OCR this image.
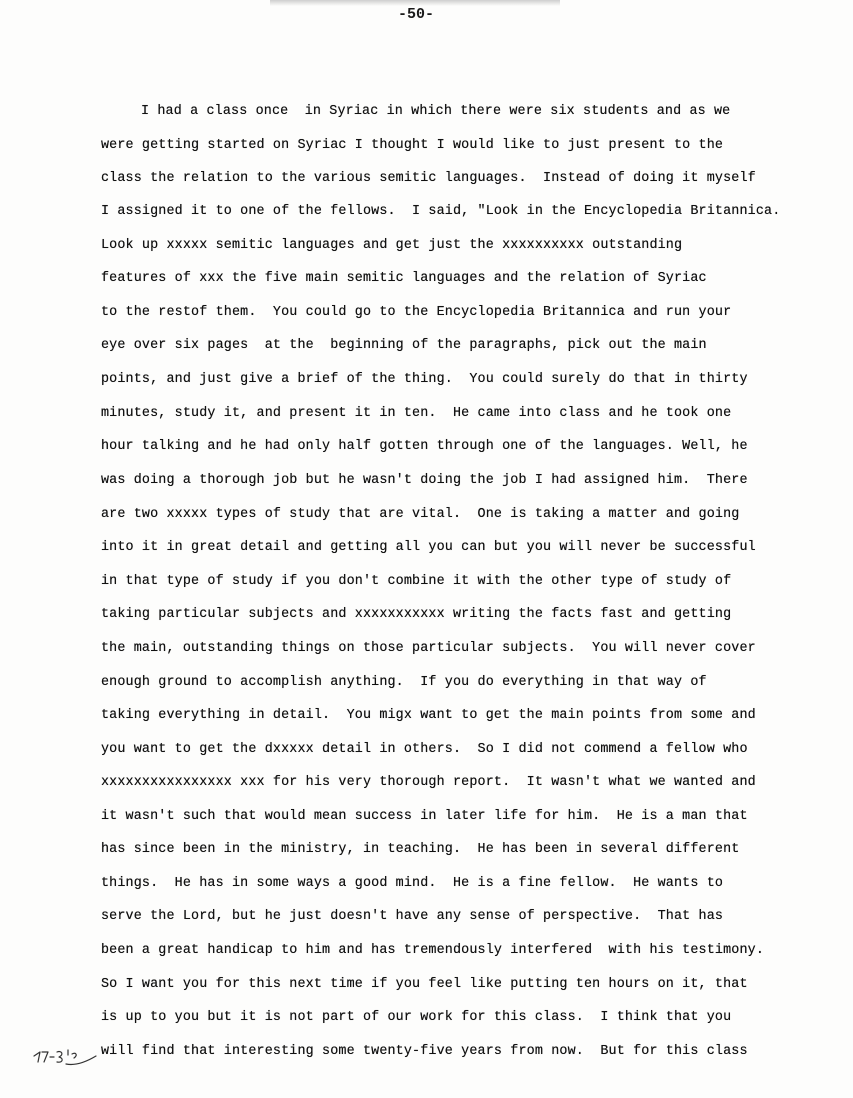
-50-
I had a class once  in Syriac in which there were six students and as we
were getting started on Syriac I thought I would like to just present to the
class the relation to the various semitic languages.  Instead of doing it myself
I assigned it to one of the fellows.  I said, "Look in the Encyclopedia Britannica.
Look up xxxxx semitic languages and get just the xxxxxxxxxx outstanding
features of xxx the five main semitic languages and the relation of Syriac
to the restof them.  You could go to the Encyclopedia Britannica and run your
eye over six pages  at the  beginning of the paragraphs, pick out the main
points, and just give a brief of the thing.  You could surely do that in thirty
minutes, study it, and present it in ten.  He came into class and he took one
hour talking and he had only half gotten through one of the languages. Well, he
was doing a thorough job but he wasn't doing the job I had assigned him.  There
are two xxxxx types of study that are vital.  One is taking a matter and going
into it in great detail and getting all you can but you will never be successful
in that type of study if you don't combine it with the other type of study of
taking particular subjects and xxxxxxxxxxx writing the facts fast and getting
the main, outstanding things on those particular subjects.  You will never cover
enough ground to accomplish anything.  If you do everything in that way of
taking everything in detail.  You migx want to get the main points from some and
you want to get the dxxxxx detail in others.  So I did not commend a fellow who
xxxxxxxxxxxxxxxx xxx for his very thorough report.  It wasn't what we wanted and
it wasn't such that would mean success in later life for him.  He is a man that
has since been in the ministry, in teaching.  He has been in several different
things.  He has in some ways a good mind.  He is a fine fellow.  He wants to
serve the Lord, but he just doesn't have any sense of perspective.  That has
been a great handicap to him and has tremendously interfered  with his testimony.
So I want you for this next time if you feel like putting ten hours on it, that
is up to you but it is not part of our work for this class.  I think that you
will find that interesting some twenty-five years from now.  But for this class
